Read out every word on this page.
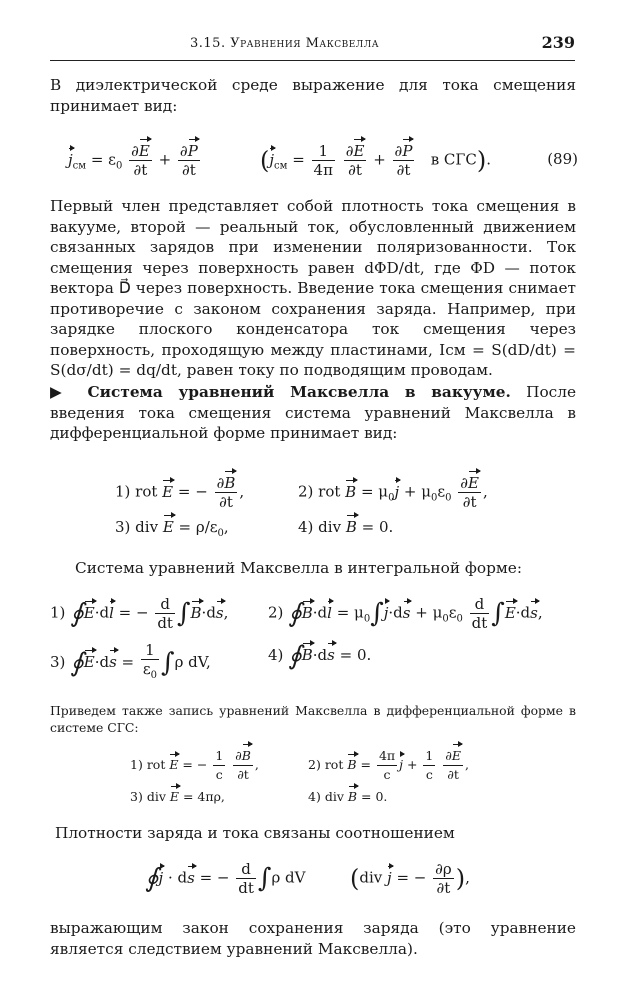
3.15. Уравнения Максвелла	239

В диэлектрической среде выражение для тока смещения принимает вид:

$j_{см} = \varepsilon_0 \frac{\partial E}{\partial t} + \frac{\partial P}{\partial t}$	($j_{см} = \frac{1}{4\pi}$
$\frac{\partial E}{\partial t} + \frac{\partial P}{\partial t}$ в СГС).	(89)

Первый член представляет собой плотность тока смещения в вакууме, второй — реальный ток, обусловленный движением связанных зарядов при изменении поляризованности. Ток смещения через поверхность равен dΦD/dt, где ΦD — поток вектора D⃗ через поверхность. Введение тока смещения снимает противоречие с законом сохранения заряда. Например, при зарядке плоского конденсатора ток смещения через поверхность, проходящую между пластинами, Iсм = S(dD/dt) = S(dσ/dt) = dq/dt, равен току по подводящим проводам.

▶ Система уравнений Максвелла в вакууме. После введения тока смещения система уравнений Максвелла в дифференциальной форме принимает вид:

1) rot E = − $\frac{\partial B}{\partial t}$ ,	2) rot $B = \mu_0j + \mu_0\varepsilon_0 \frac{\partial E}{\partial t}$ ,
3) div $E = \rho/\varepsilon_0$,	4) div B = 0.

Система уравнений Максвелла в интегральной форме:

1) ∮E·dl = − $\frac{d}{dt} \int B\cdot ds$,	2) ∮B·dl = $\mu_0\int j\cdot ds + \mu_0\varepsilon_0 \frac{d}{dt} \int E\cdot ds$,
3) ∮E·ds = $\frac{1}{\varepsilon_0} \int\rho$ dV,	4) ∮B·ds = 0.

Приведем также запись уравнений Максвелла в дифференциальной форме в системе СГС:

1) rot E = − $\frac{1}{c}$
$\frac{\partial B}{\partial t}$ ,	2) rot $B = \frac{4\pi}{c}$ $j + \frac{1}{c}$
$\frac{\partial E}{\partial t}$ ,
3) div E = 4πρ,	4) div B = 0.

Плотности заряда и тока связаны соотношением

∮j · ds = − $\frac{d}{dt} \int\rho$ dV (div j = − $\frac{\partial\rho}{\partial t}$ ),

выражающим закон сохранения заряда (это уравнение является следствием уравнений Максвелла).
